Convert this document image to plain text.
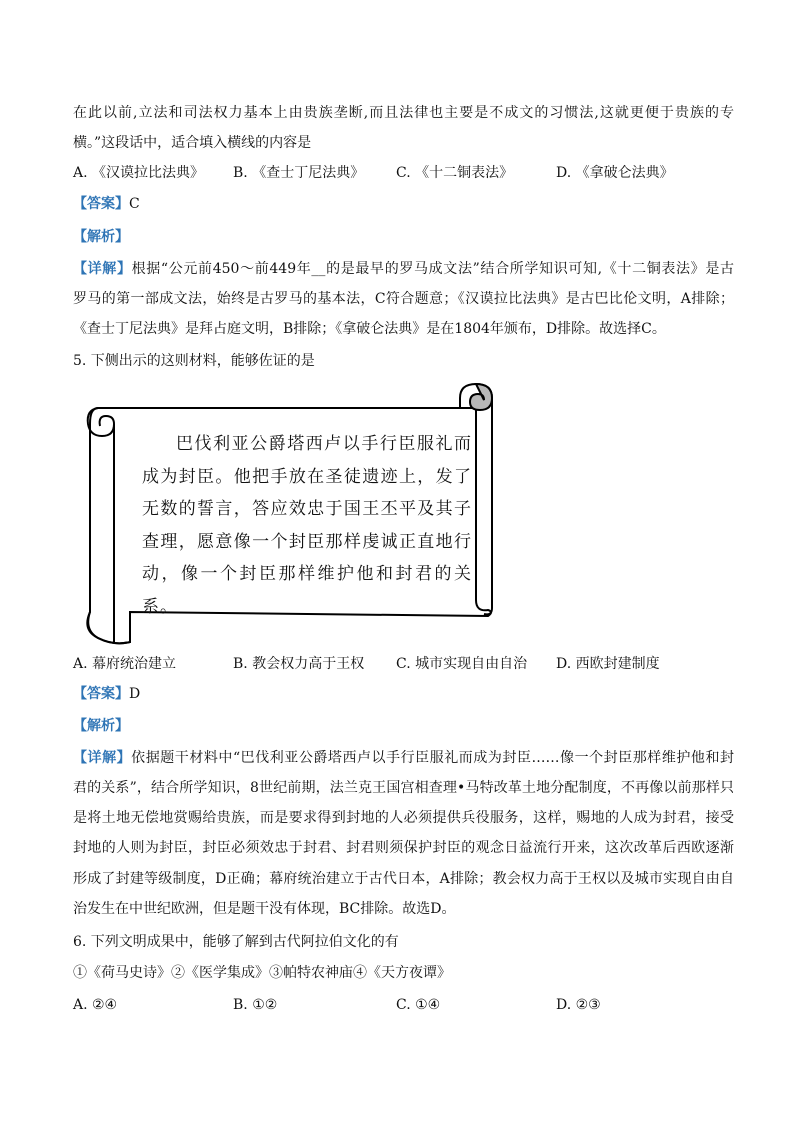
在此以前,立法和司法权力基本上由贵族垄断,而且法律也主要是不成文的习惯法,这就更便于贵族的专
横。”这段话中，适合填入横线的内容是
A. 《汉谟拉比法典》 B. 《查士丁尼法典》 C. 《十二铜表法》	D. 《拿破仑法典》
【答案】C
【解析】
【详解】根据“公元前450～前449年__的是最早的罗马成文法”结合所学知识可知,《十二铜表法》是古
罗马的第一部成文法，始终是古罗马的基本法，C符合题意；《汉谟拉比法典》是古巴比伦文明，A排除；
《查士丁尼法典》是拜占庭文明，B排除；《拿破仑法典》是在1804年颁布，D排除。故选择C。
5. 下侧出示的这则材料，能够佐证的是

巴伐利亚公爵塔西卢以手行臣服礼而成为封臣。他把手放在圣徒遗迹上，发了无数的誓言，答应效忠于国王丕平及其子查理，愿意像一个封臣那样虔诚正直地行动，像一个封臣那样维护他和封君的关系。

A. 幕府统治建立	B. 教会权力高于王权 C. 城市实现自由自治 D. 西欧封建制度
【答案】D
【解析】
【详解】依据题干材料中“巴伐利亚公爵塔西卢以手行臣服礼而成为封臣……像一个封臣那样维护他和封
君的关系”，结合所学知识，8世纪前期，法兰克王国宫相查理•马特改革土地分配制度，不再像以前那样只
是将土地无偿地赏赐给贵族，而是要求得到封地的人必须提供兵役服务，这样，赐地的人成为封君，接受
封地的人则为封臣，封臣必须效忠于封君、封君则须保护封臣的观念日益流行开来，这次改革后西欧逐渐
形成了封建等级制度，D正确；幕府统治建立于古代日本，A排除；教会权力高于王权以及城市实现自由自
治发生在中世纪欧洲，但是题干没有体现，BC排除。故选D。
6. 下列文明成果中，能够了解到古代阿拉伯文化的有
①《荷马史诗》②《医学集成》③帕特农神庙④《天方夜谭》
A. ②④	B. ①②	C. ①④	D. ②③
